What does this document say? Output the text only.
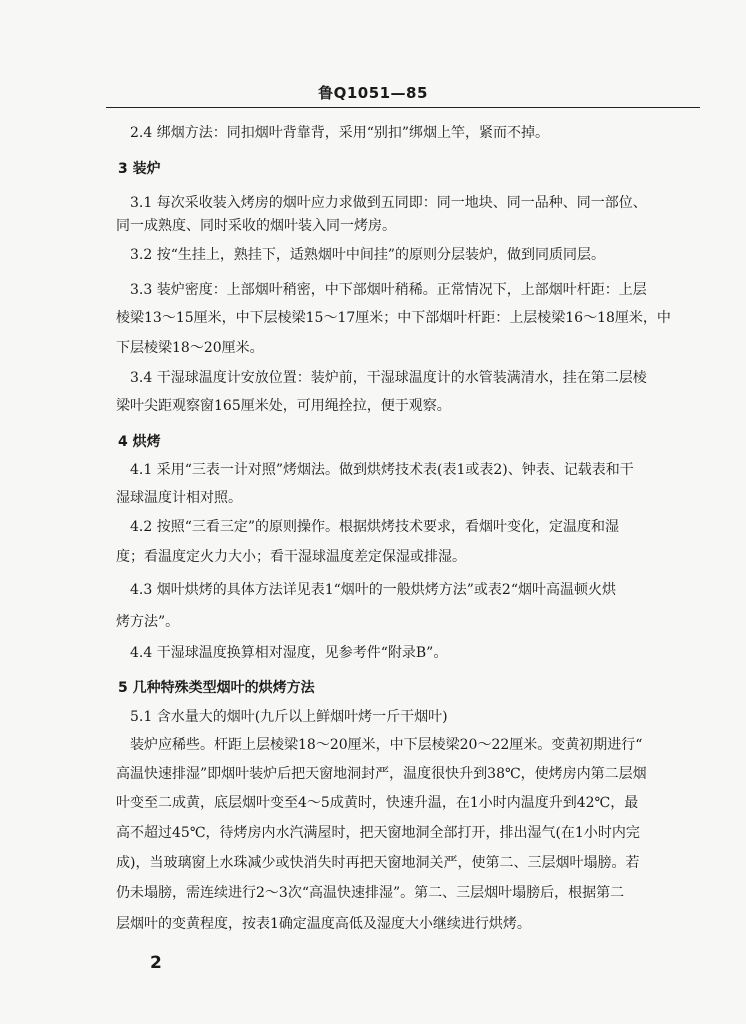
鲁Q1051—85
2.4 绑烟方法：同扣烟叶背靠背，采用“别扣”绑烟上竿，紧而不掉。
3 装炉
3.1 每次采收装入烤房的烟叶应力求做到五同即：同一地块、同一品种、同一部位、
同一成熟度、同时采收的烟叶装入同一烤房。
3.2 按“生挂上，熟挂下，适熟烟叶中间挂”的原则分层装炉，做到同质同层。
3.3 装炉密度：上部烟叶稍密，中下部烟叶稍稀。正常情况下，上部烟叶杆距：上层
棱梁13～15厘米，中下层棱梁15～17厘米；中下部烟叶杆距：上层棱梁16～18厘米，中
下层棱梁18～20厘米。
3.4 干湿球温度计安放位置：装炉前，干湿球温度计的水管装满清水，挂在第二层棱
梁叶尖距观察窗165厘米处，可用绳拴拉，便于观察。
4 烘烤
4.1 采用“三表一计对照”烤烟法。做到烘烤技术表(表1或表2)、钟表、记载表和干
湿球温度计相对照。
4.2 按照“三看三定”的原则操作。根据烘烤技术要求，看烟叶变化，定温度和湿
度；看温度定火力大小；看干湿球温度差定保湿或排湿。
4.3 烟叶烘烤的具体方法详见表1“烟叶的一般烘烤方法”或表2“烟叶高温顿火烘
烤方法”。
4.4 干湿球温度换算相对湿度，见参考件“附录B”。
5 几种特殊类型烟叶的烘烤方法
5.1 含水量大的烟叶(九斤以上鲜烟叶烤一斤干烟叶)
装炉应稀些。杆距上层棱梁18～20厘米，中下层棱梁20～22厘米。变黄初期进行“
高温快速排湿”即烟叶装炉后把天窗地洞封严，温度很快升到38℃，使烤房内第二层烟
叶变至二成黄，底层烟叶变至4～5成黄时，快速升温，在1小时内温度升到42℃，最
高不超过45℃，待烤房内水汽满屋时，把天窗地洞全部打开，排出湿气(在1小时内完
成)，当玻璃窗上水珠减少或快消失时再把天窗地洞关严，使第二、三层烟叶塌膀。若
仍未塌膀，需连续进行2～3次“高温快速排湿”。第二、三层烟叶塌膀后，根据第二
层烟叶的变黄程度，按表1确定温度高低及湿度大小继续进行烘烤。
2
